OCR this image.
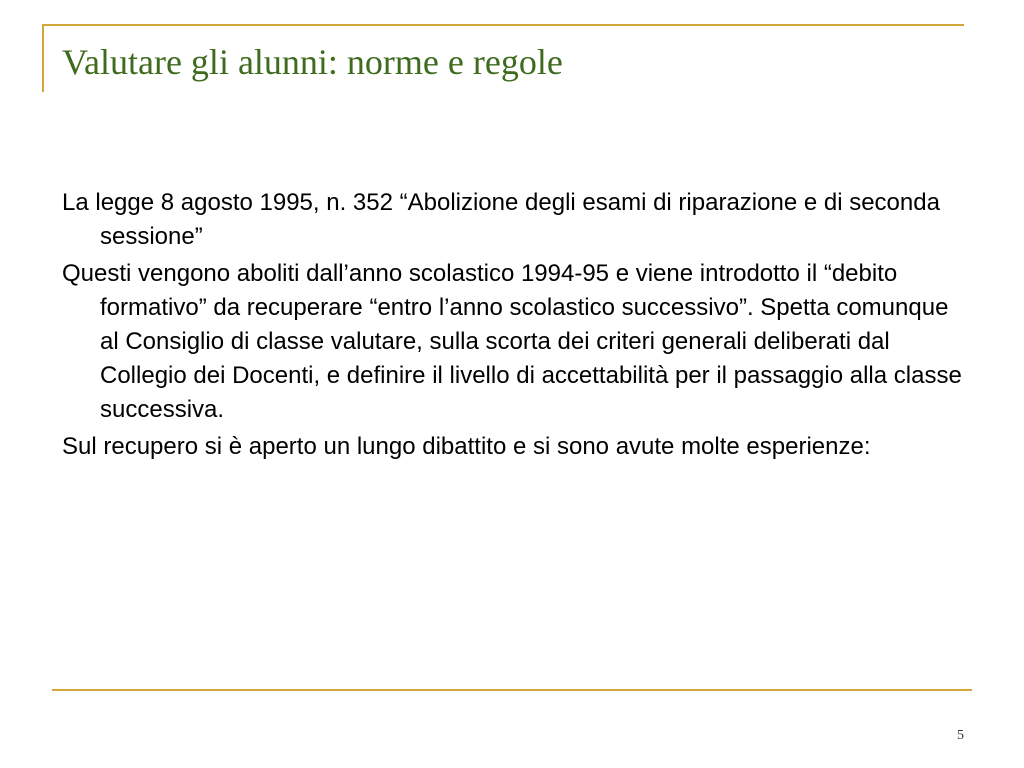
Valutare gli alunni: norme e regole

La legge 8 agosto 1995, n. 352 “Abolizione degli esami di riparazione e di seconda sessione”

Questi vengono aboliti dall’anno scolastico 1994-95 e viene introdotto il “debito formativo” da recuperare “entro l’anno scolastico successivo”. Spetta comunque al Consiglio di classe valutare, sulla scorta dei criteri generali deliberati dal Collegio dei Docenti, e definire il livello di accettabilità per il passaggio alla classe successiva.

Sul recupero si è aperto un lungo dibattito e si sono avute molte esperienze:

5
